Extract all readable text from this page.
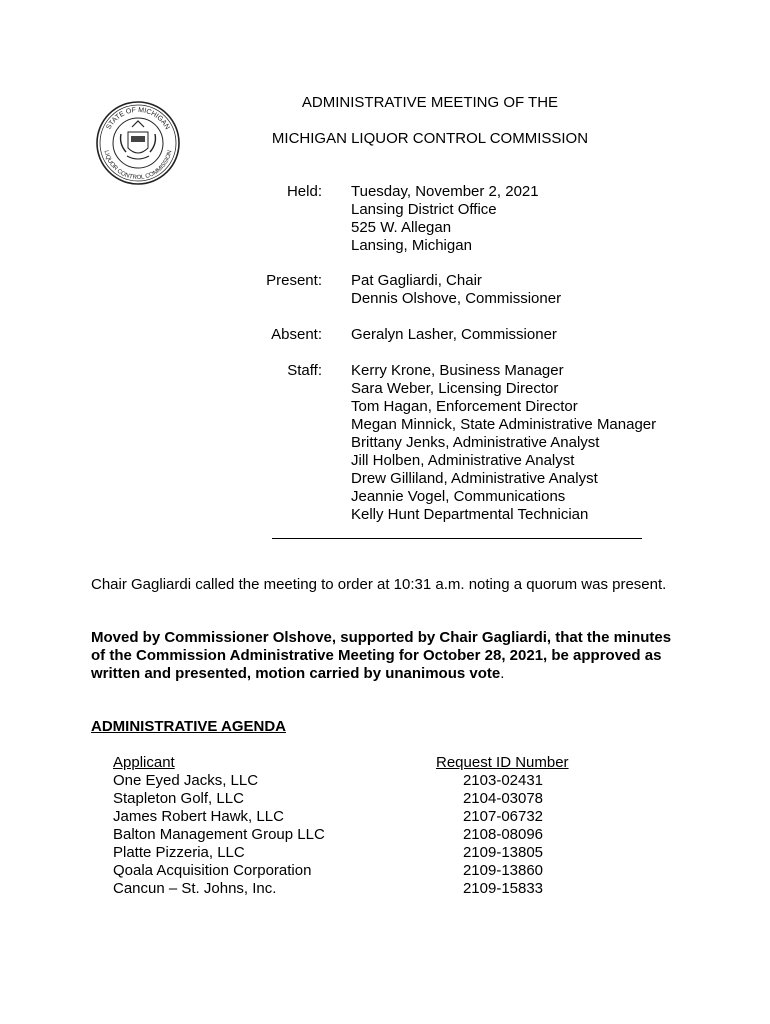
STATE OF MICHIGAN
LIQUOR CONTROL COMMISSION
ADMINISTRATIVE MEETING OF THE
MICHIGAN LIQUOR CONTROL COMMISSION
Held: Tuesday, November 2, 2021
Lansing District Office
525 W. Allegan
Lansing, Michigan
Present: Pat Gagliardi, Chair
Dennis Olshove, Commissioner
Absent: Geralyn Lasher, Commissioner
Staff: Kerry Krone, Business Manager
Sara Weber, Licensing Director
Tom Hagan, Enforcement Director
Megan Minnick, State Administrative Manager
Brittany Jenks, Administrative Analyst
Jill Holben, Administrative Analyst
Drew Gilliland, Administrative Analyst
Jeannie Vogel, Communications
Kelly Hunt Departmental Technician
Chair Gagliardi called the meeting to order at 10:31 a.m. noting a quorum was present.
Moved by Commissioner Olshove, supported by Chair Gagliardi, that the minutes
of the Commission Administrative Meeting for October 28, 2021, be approved as
written and presented, motion carried by unanimous vote.
ADMINISTRATIVE AGENDA
Applicant
One Eyed Jacks, LLC
Stapleton Golf, LLC
James Robert Hawk, LLC
Balton Management Group LLC
Platte Pizzeria, LLC
Qoala Acquisition Corporation
Cancun – St. Johns, Inc.
Request ID Number
2103-02431
2104-03078
2107-06732
2108-08096
2109-13805
2109-13860
2109-15833
